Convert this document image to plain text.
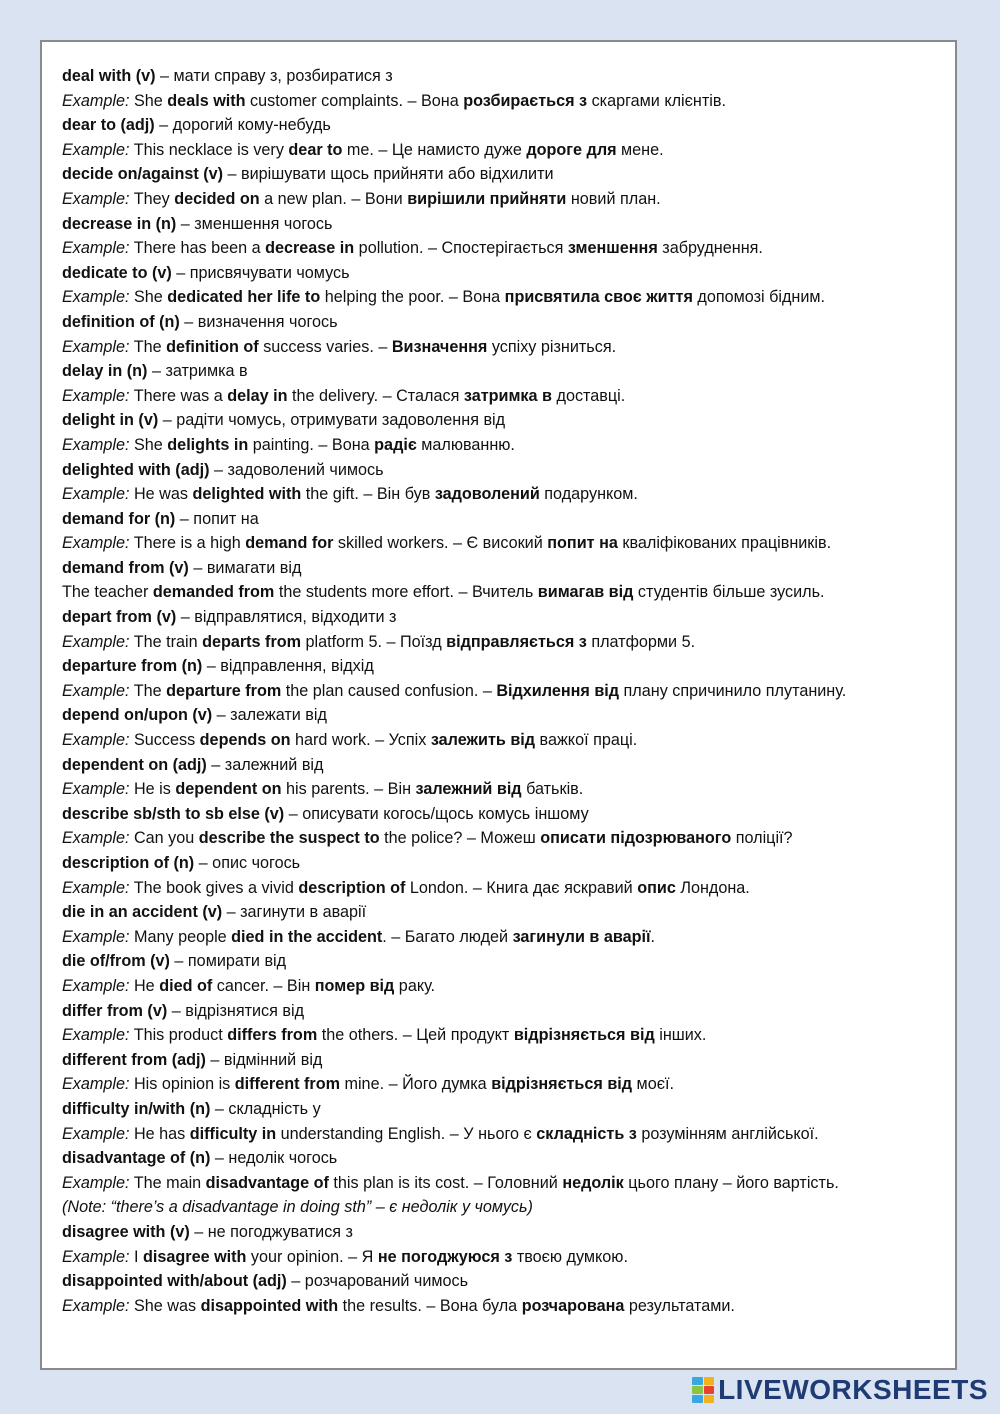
deal with (v) – мати справу з, розбиратися з
Example: She deals with customer complaints. – Вона розбирається з скаргами клієнтів.
dear to (adj) – дорогий кому-небудь
Example: This necklace is very dear to me. – Це намисто дуже дороге для мене.
decide on/against (v) – вирішувати щось прийняти або відхилити
Example: They decided on a new plan. – Вони вирішили прийняти новий план.
decrease in (n) – зменшення чогось
Example: There has been a decrease in pollution. – Спостерігається зменшення забруднення.
dedicate to (v) – присвячувати чомусь
Example: She dedicated her life to helping the poor. – Вона присвятила своє життя допомозі бідним.
definition of (n) – визначення чогось
Example: The definition of success varies. – Визначення успіху різниться.
delay in (n) – затримка в
Example: There was a delay in the delivery. – Сталася затримка в доставці.
delight in (v) – радіти чомусь, отримувати задоволення від
Example: She delights in painting. – Вона радіє малюванню.
delighted with (adj) – задоволений чимось
Example: He was delighted with the gift. – Він був задоволений подарунком.
demand for (n) – попит на
Example: There is a high demand for skilled workers. – Є високий попит на кваліфікованих працівників.
demand from (v) – вимагати від
The teacher demanded from the students more effort. – Вчитель вимагав від студентів більше зусиль.
depart from (v) – відправлятися, відходити з
Example: The train departs from platform 5. – Поїзд відправляється з платформи 5.
departure from (n) – відправлення, відхід
Example: The departure from the plan caused confusion. – Відхилення від плану спричинило плутанину.
depend on/upon (v) – залежати від
Example: Success depends on hard work. – Успіх залежить від важкої праці.
dependent on (adj) – залежний від
Example: He is dependent on his parents. – Він залежний від батьків.
describe sb/sth to sb else (v) – описувати когось/щось комусь іншому
Example: Can you describe the suspect to the police? – Можеш описати підозрюваного поліції?
description of (n) – опис чогось
Example: The book gives a vivid description of London. – Книга дає яскравий опис Лондона.
die in an accident (v) – загинути в аварії
Example: Many people died in the accident. – Багато людей загинули в аварії.
die of/from (v) – помирати від
Example: He died of cancer. – Він помер від раку.
differ from (v) – відрізнятися від
Example: This product differs from the others. – Цей продукт відрізняється від інших.
different from (adj) – відмінний від
Example: His opinion is different from mine. – Його думка відрізняється від моєї.
difficulty in/with (n) – складність у
Example: He has difficulty in understanding English. – У нього є складність з розумінням англійської.
disadvantage of (n) – недолік чогось
Example: The main disadvantage of this plan is its cost. – Головний недолік цього плану – його вартість.
(Note: “there’s a disadvantage in doing sth” – є недолік у чомусь)
disagree with (v) – не погоджуватися з
Example: I disagree with your opinion. – Я не погоджуюся з твоєю думкою.
disappointed with/about (adj) – розчарований чимось
Example: She was disappointed with the results. – Вона була розчарована результатами.
LIVEWORKSHEETS
